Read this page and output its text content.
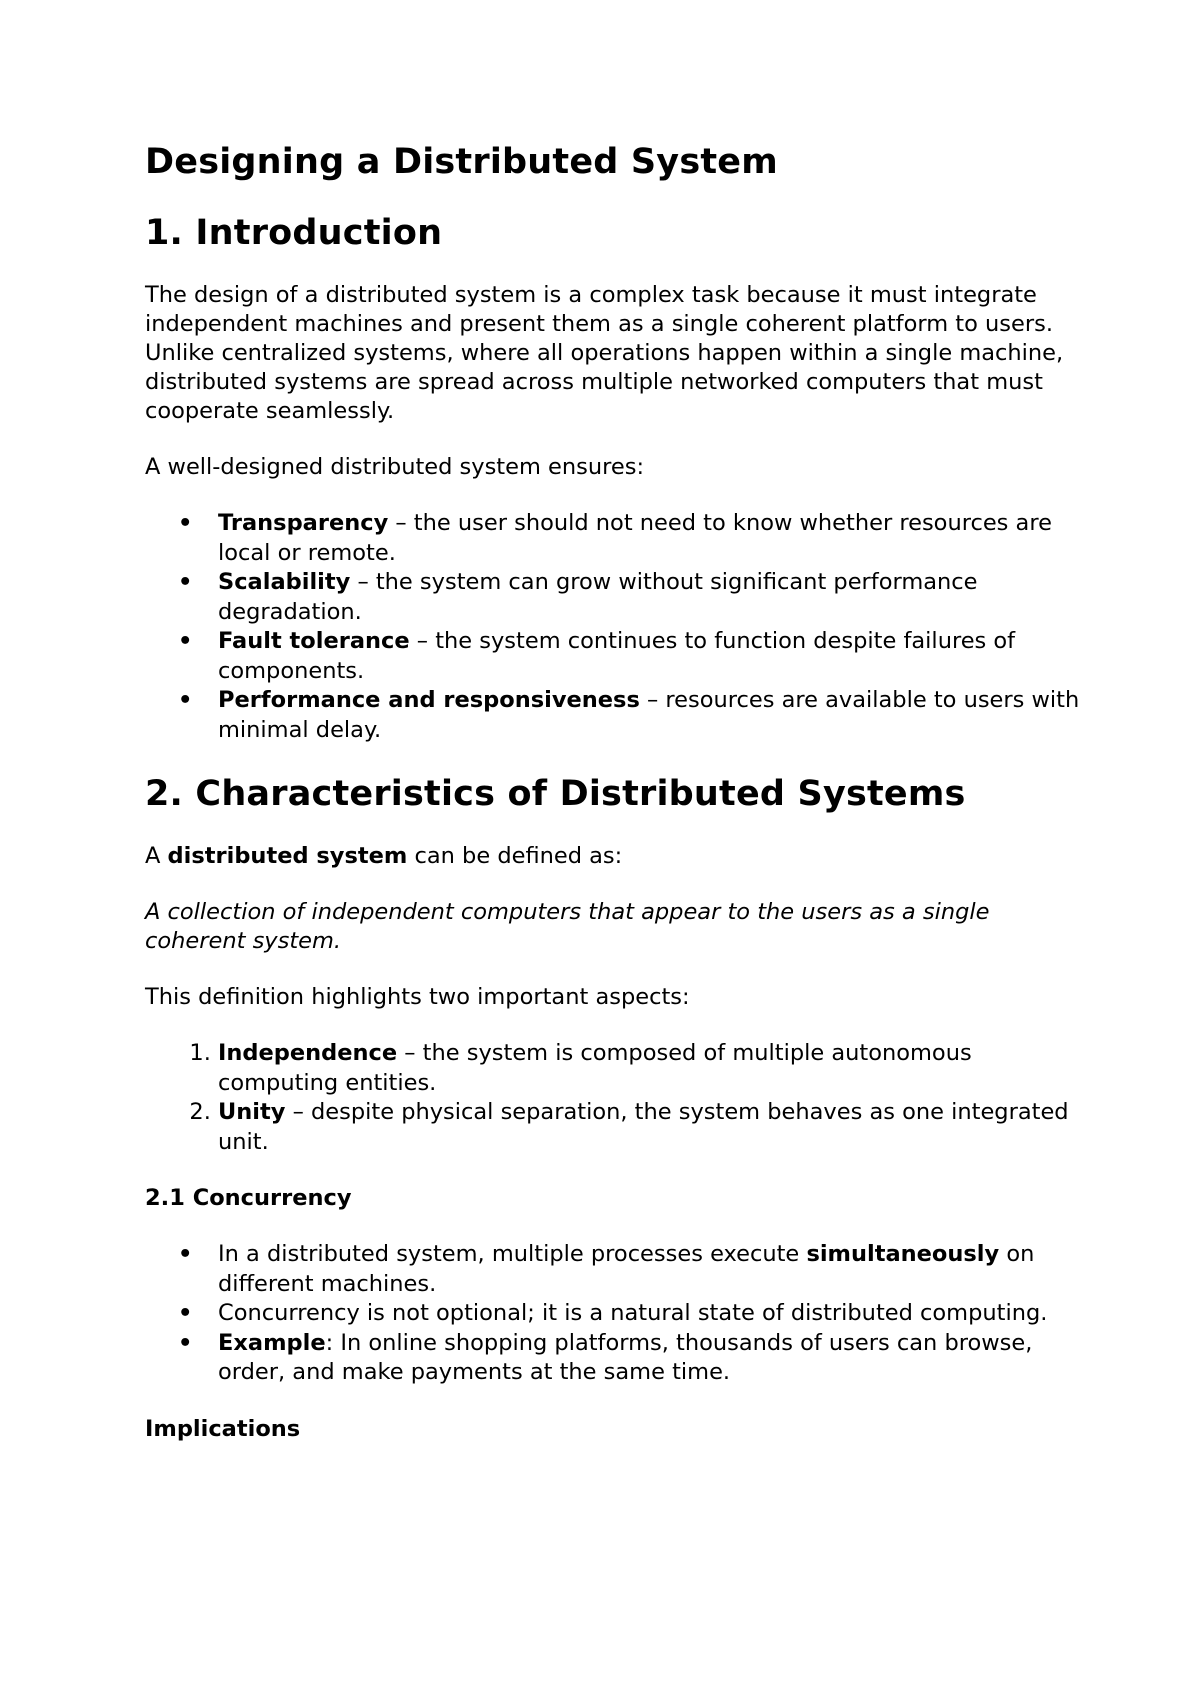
Designing a Distributed System
1. Introduction

The design of a distributed system is a complex task because it must integrate independent machines and present them as a single coherent platform to users. Unlike centralized systems, where all operations happen within a single machine, distributed systems are spread across multiple networked computers that must cooperate seamlessly.

A well-designed distributed system ensures:

• Transparency – the user should not need to know whether resources are local or remote.
• Scalability – the system can grow without significant performance degradation.
• Fault tolerance – the system continues to function despite failures of components.
• Performance and responsiveness – resources are available to users with minimal delay.
2. Characteristics of Distributed Systems

A distributed system can be defined as:

A collection of independent computers that appear to the users as a single coherent system.

This definition highlights two important aspects:

1. Independence – the system is composed of multiple autonomous computing entities.
2. Unity – despite physical separation, the system behaves as one integrated unit.
2.1 Concurrency
• In a distributed system, multiple processes execute simultaneously on different machines.
• Concurrency is not optional; it is a natural state of distributed computing.
• Example: In online shopping platforms, thousands of users can browse, order, and make payments at the same time.
Implications
